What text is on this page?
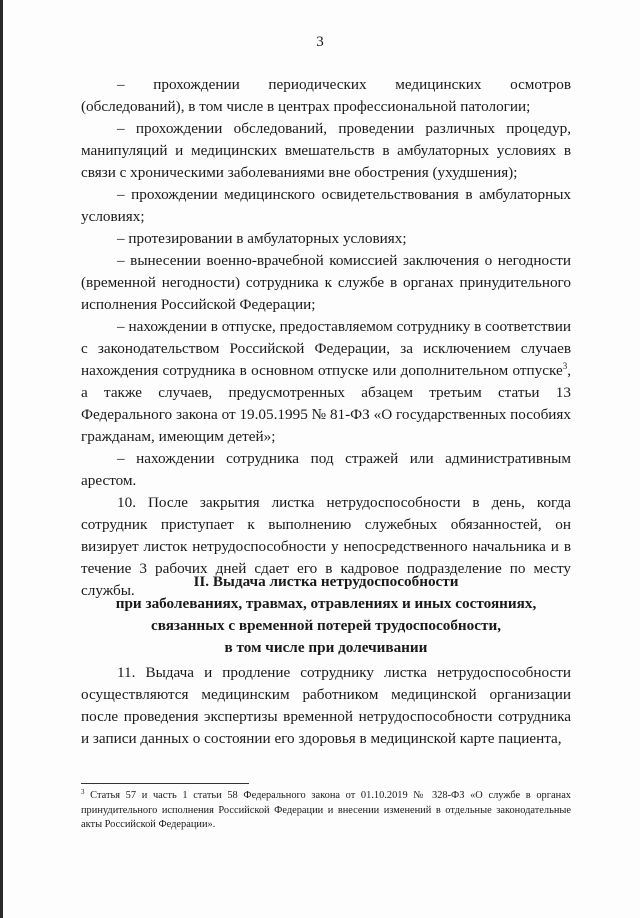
3

– прохождении периодических медицинских осмотров (обследований), в том числе в центрах профессиональной патологии;

– прохождении обследований, проведении различных процедур, манипуляций и медицинских вмешательств в амбулаторных условиях в связи с хроническими заболеваниями вне обострения (ухудшения);

– прохождении медицинского освидетельствования в амбулаторных условиях;

– протезировании в амбулаторных условиях;

– вынесении военно-врачебной комиссией заключения о негодности (временной негодности) сотрудника к службе в органах принудительного исполнения Российской Федерации;

– нахождении в отпуске, предоставляемом сотруднику в соответствии с законодательством Российской Федерации, за исключением случаев нахождения сотрудника в основном отпуске или дополнительном отпуске$^3$, а также случаев, предусмотренных абзацем третьим статьи 13 Федерального закона от 19.05.1995 № 81-ФЗ «О государственных пособиях гражданам, имеющим детей»;

– нахождении сотрудника под стражей или административным арестом.

10. После закрытия листка нетрудоспособности в день, когда сотрудник приступает к выполнению служебных обязанностей, он визирует листок нетрудоспособности у непосредственного начальника и в течение 3 рабочих дней сдает его в кадровое подразделение по месту службы.

II. Выдача листка нетрудоспособности
при заболеваниях, травмах, отравлениях и иных состояниях,
связанных с временной потерей трудоспособности,
в том числе при долечивании

11. Выдача и продление сотруднику листка нетрудоспособности осуществляются медицинским работником медицинской организации после проведения экспертизы временной нетрудоспособности сотрудника и записи данных о состоянии его здоровья в медицинской карте пациента,

$^3$ Статья 57 и часть 1 статьи 58 Федерального закона от 01.10.2019 № 328-ФЗ «О службе в органах принудительного исполнения Российской Федерации и внесении изменений в отдельные законодательные акты Российской Федерации».
